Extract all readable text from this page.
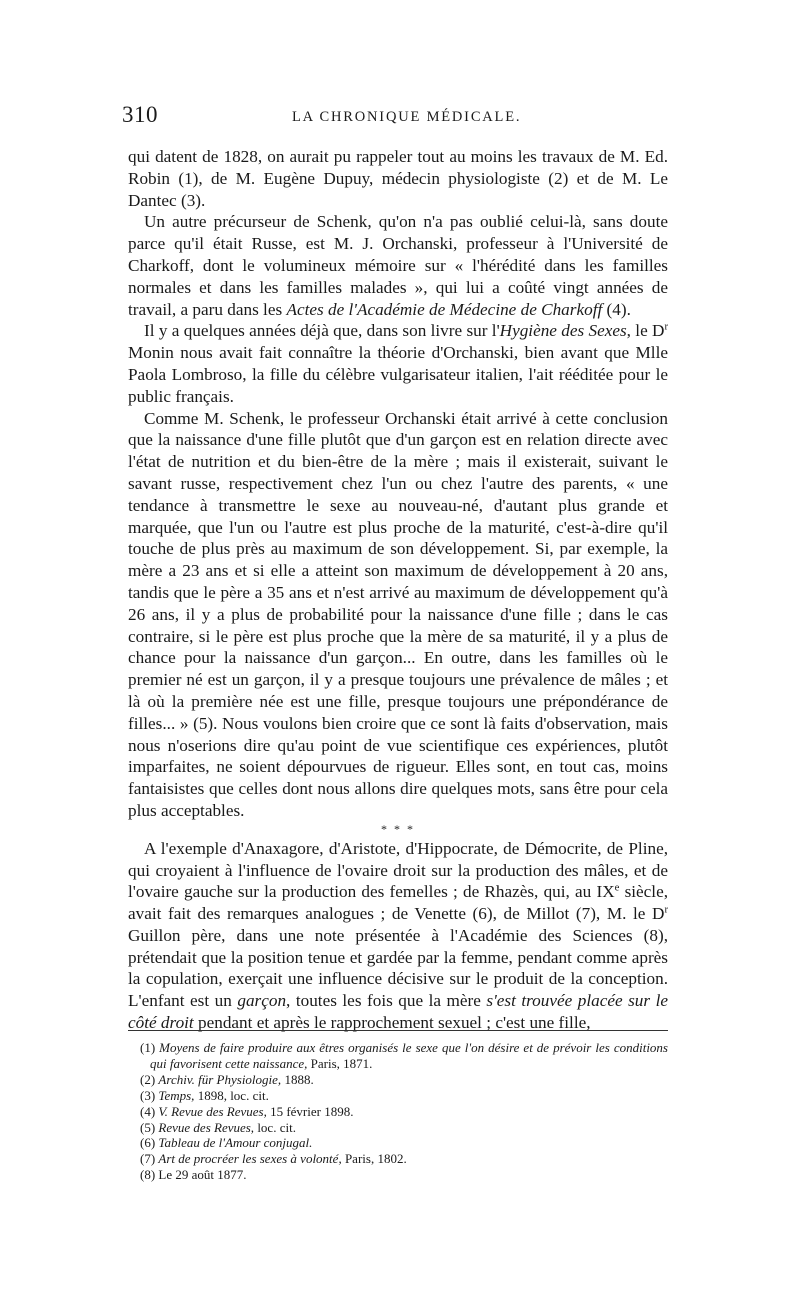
310	LA CHRONIQUE MÉDICALE.

qui datent de 1828, on aurait pu rappeler tout au moins les travaux de M. Ed. Robin (1), de M. Eugène Dupuy, médecin physiologiste (2) et de M. Le Dantec (3).

Un autre précurseur de Schenk, qu'on n'a pas oublié celui-là, sans doute parce qu'il était Russe, est M. J. Orchanski, professeur à l'Université de Charkoff, dont le volumineux mémoire sur « l'hérédité dans les familles normales et dans les familles malades », qui lui a coûté vingt années de travail, a paru dans les Actes de l'Académie de Médecine de Charkoff (4).

Il y a quelques années déjà que, dans son livre sur l'Hygiène des Sexes, le $D^r$ Monin nous avait fait connaître la théorie d'Orchanski, bien avant que Mlle Paola Lombroso, la fille du célèbre vulgarisateur italien, l'ait rééditée pour le public français.

Comme M. Schenk, le professeur Orchanski était arrivé à cette conclusion que la naissance d'une fille plutôt que d'un garçon est en relation directe avec l'état de nutrition et du bien-être de la mère ; mais il existerait, suivant le savant russe, respectivement chez l'un ou chez l'autre des parents, « une tendance à transmettre le sexe au nouveau-né, d'autant plus grande et marquée, que l'un ou l'autre est plus proche de la maturité, c'est-à-dire qu'il touche de plus près au maximum de son développement. Si, par exemple, la mère a 23 ans et si elle a atteint son maximum de développement à 20 ans, tandis que le père a 35 ans et n'est arrivé au maximum de développement qu'à 26 ans, il y a plus de probabilité pour la naissance d'une fille ; dans le cas contraire, si le père est plus proche que la mère de sa maturité, il y a plus de chance pour la naissance d'un garçon... En outre, dans les familles où le premier né est un garçon, il y a presque toujours une prévalence de mâles ; et là où la première née est une fille, presque toujours une prépondérance de filles... » (5). Nous voulons bien croire que ce sont là faits d'observation, mais nous n'oserions dire qu'au point de vue scientifique ces expériences, plutôt imparfaites, ne soient dépourvues de rigueur. Elles sont, en tout cas, moins fantaisistes que celles dont nous allons dire quelques mots, sans être pour cela plus acceptables.

* * *

A l'exemple d'Anaxagore, d'Aristote, d'Hippocrate, de Démocrite, de Pline, qui croyaient à l'influence de l'ovaire droit sur la production des mâles, et de l'ovaire gauche sur la production des femelles ; de Rhazès, qui, au IXe siècle, avait fait des remarques analogues ; de Venette (6), de Millot (7), M. le $D^r$ Guillon père, dans une note présentée à l'Académie des Sciences (8), prétendait que la position tenue et gardée par la femme, pendant comme après la copulation, exerçait une influence décisive sur le produit de la conception. L'enfant est un garçon, toutes les fois que la mère s'est trouvée placée sur le côté droit pendant et après le rapprochement sexuel ; c'est une fille,

(1) Moyens de faire produire aux êtres organisés le sexe que l'on désire et de prévoir les conditions qui favorisent cette naissance, Paris, 1871.

(2) Archiv. für Physiologie, 1888.

(3) Temps, 1898, loc. cit.

(4) V. Revue des Revues, 15 février 1898.

(5) Revue des Revues, loc. cit.

(6) Tableau de l'Amour conjugal.

(7) Art de procréer les sexes à volonté, Paris, 1802.

(8) Le 29 août 1877.
